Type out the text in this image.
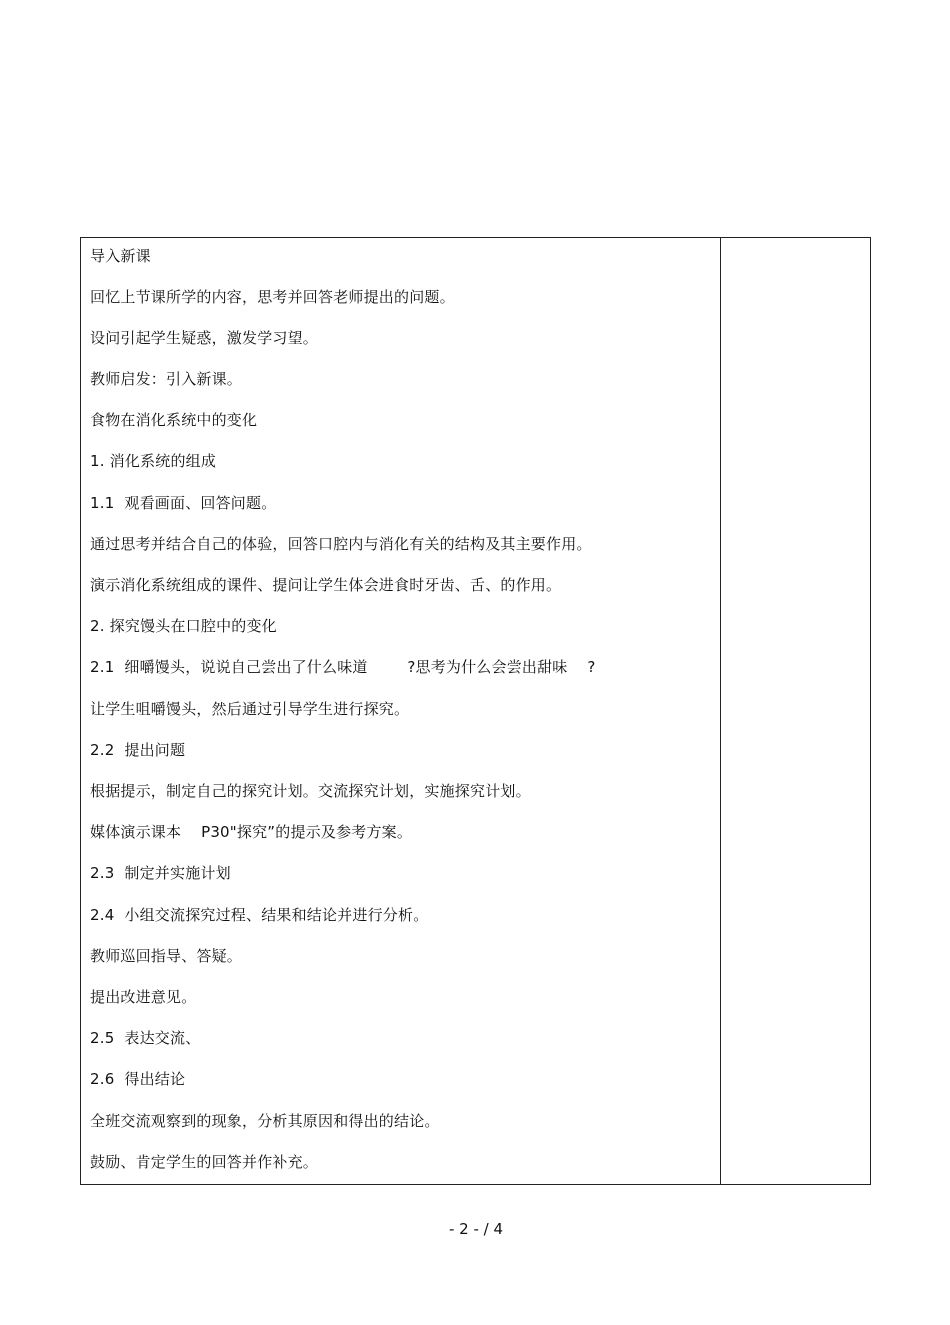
导入新课
回忆上节课所学的内容，思考并回答老师提出的问题。
设问引起学生疑惑，激发学习望。
教师启发：引入新课。
食物在消化系统中的变化
1. 消化系统的组成
1.1  观看画面、回答问题。
通过思考并结合自己的体验，回答口腔内与消化有关的结构及其主要作用。
演示消化系统组成的课件、提问让学生体会进食时牙齿、舌、的作用。
2. 探究馒头在口腔中的变化
2.1  细嚼馒头，说说自己尝出了什么味道        ?思考为什么会尝出甜味    ?
让学生咀嚼馒头，然后通过引导学生进行探究。
2.2  提出问题
根据提示，制定自己的探究计划。交流探究计划，实施探究计划。
媒体演示课本    P30"探究”的提示及参考方案。
2.3  制定并实施计划
2.4  小组交流探究过程、结果和结论并进行分析。
教师巡回指导、答疑。
提出改进意见。
2.5  表达交流、
2.6  得出结论
全班交流观察到的现象，分析其原因和得出的结论。
鼓励、肯定学生的回答并作补充。
- 2 - / 4
